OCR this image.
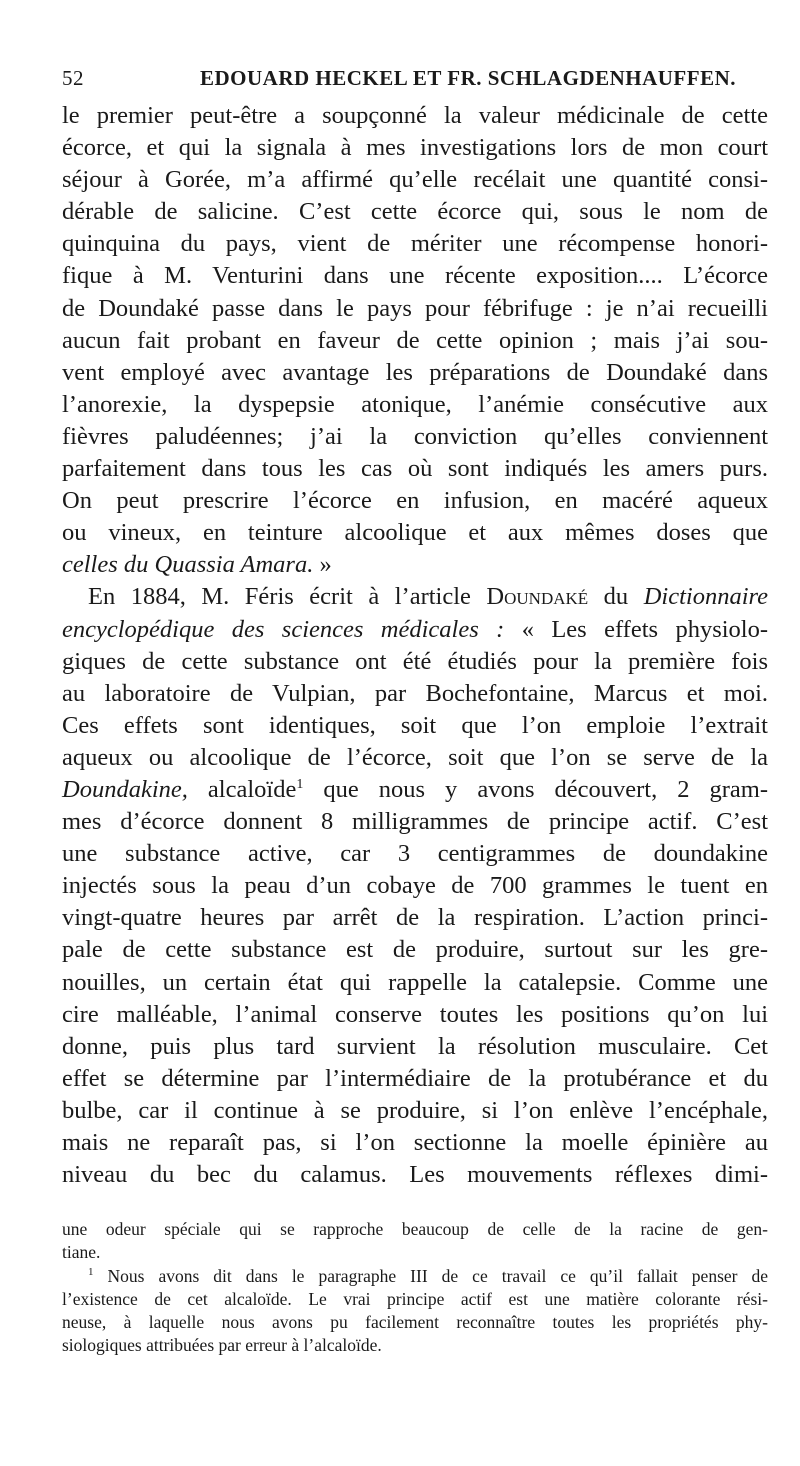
52	EDOUARD HECKEL ET FR. SCHLAGDENHAUFFEN.
le premier peut-être a soupçonné la valeur médicinale de cette
écorce, et qui la signala à mes investigations lors de mon court
séjour à Gorée, m’a affirmé qu’elle recélait une quantité consi-
dérable de salicine. C’est cette écorce qui, sous le nom de
quinquina du pays, vient de mériter une récompense honori-
fique à M. Venturini dans une récente exposition.... L’écorce
de Doundaké passe dans le pays pour fébrifuge : je n’ai recueilli
aucun fait probant en faveur de cette opinion ; mais j’ai sou-
vent employé avec avantage les préparations de Doundaké dans
l’anorexie, la dyspepsie atonique, l’anémie consécutive aux
fièvres paludéennes; j’ai la conviction qu’elles conviennent
parfaitement dans tous les cas où sont indiqués les amers purs.
On peut prescrire l’écorce en infusion, en macéré aqueux
ou vineux, en teinture alcoolique et aux mêmes doses que
celles du Quassia Amara. »
En 1884, M. Féris écrit à l’article Doundaké du Dictionnaire
encyclopédique des sciences médicales : « Les effets physiolo-
giques de cette substance ont été étudiés pour la première fois
au laboratoire de Vulpian, par Bochefontaine, Marcus et moi.
Ces effets sont identiques, soit que l’on emploie l’extrait
aqueux ou alcoolique de l’écorce, soit que l’on se serve de la
Doundakine, alcaloïde$^1$ que nous y avons découvert, 2 gram-
mes d’écorce donnent 8 milligrammes de principe actif. C’est
une substance active, car 3 centigrammes de doundakine
injectés sous la peau d’un cobaye de 700 grammes le tuent en
vingt-quatre heures par arrêt de la respiration. L’action princi-
pale de cette substance est de produire, surtout sur les gre-
nouilles, un certain état qui rappelle la catalepsie. Comme une
cire malléable, l’animal conserve toutes les positions qu’on lui
donne, puis plus tard survient la résolution musculaire. Cet
effet se détermine par l’intermédiaire de la protubérance et du
bulbe, car il continue à se produire, si l’on enlève l’encéphale,
mais ne reparaît pas, si l’on sectionne la moelle épinière au
niveau du bec du calamus. Les mouvements réflexes dimi-
une odeur spéciale qui se rapproche beaucoup de celle de la racine de gen-
tiane.
$^1$ Nous avons dit dans le paragraphe III de ce travail ce qu’il fallait penser de
l’existence de cet alcaloïde. Le vrai principe actif est une matière colorante rési-
neuse, à laquelle nous avons pu facilement reconnaître toutes les propriétés phy-
siologiques attribuées par erreur à l’alcaloïde.
